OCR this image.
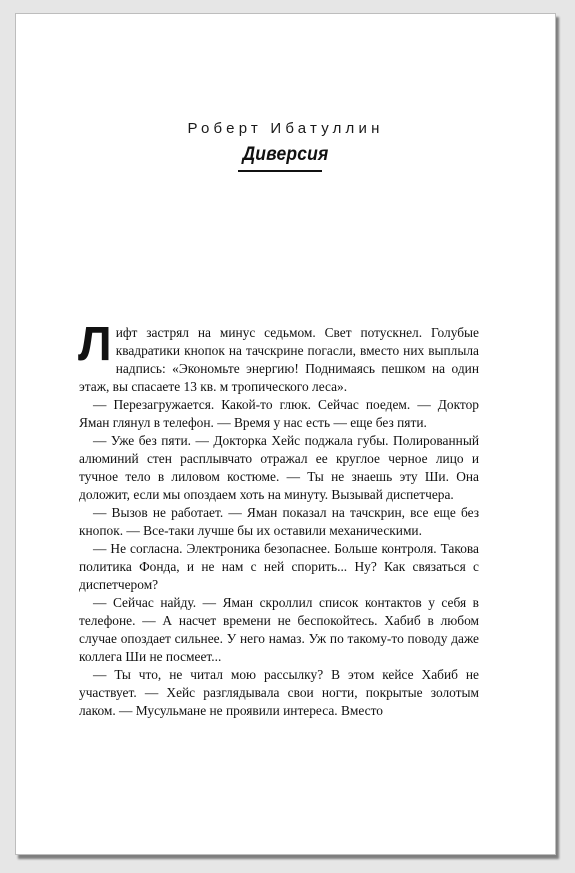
Роберт Ибатуллин
Диверсия

Лифт застрял на минус седьмом. Свет потускнел. Голубые квадратики кнопок на тачскрине погасли, вместо них выплыла надпись: «Экономьте энергию! Поднимаясь пешком на один этаж, вы спасаете 13 кв. м тропического леса».

— Перезагружается. Какой-то глюк. Сейчас поедем. — Доктор Яман глянул в телефон. — Время у нас есть — еще без пяти.

— Уже без пяти. — Докторка Хейс поджала губы. Полированный алюминий стен расплывчато отражал ее круглое черное лицо и тучное тело в лиловом костюме. — Ты не знаешь эту Ши. Она доложит, если мы опоздаем хоть на минуту. Вызывай диспетчера.

— Вызов не работает. — Яман показал на тачскрин, все еще без кнопок. — Все-таки лучше бы их оставили механическими.

— Не согласна. Электроника безопаснее. Больше контроля. Такова политика Фонда, и не нам с ней спорить... Ну? Как связаться с диспетчером?

— Сейчас найду. — Яман скроллил список контактов у себя в телефоне. — А насчет времени не беспокойтесь. Хабиб в любом случае опоздает сильнее. У него намаз. Уж по такому-то поводу даже коллега Ши не посмеет...

— Ты что, не читал мою рассылку? В этом кейсе Хабиб не участвует. — Хейс разглядывала свои ногти, покрытые золотым лаком. — Мусульмане не проявили интереса. Вместо
